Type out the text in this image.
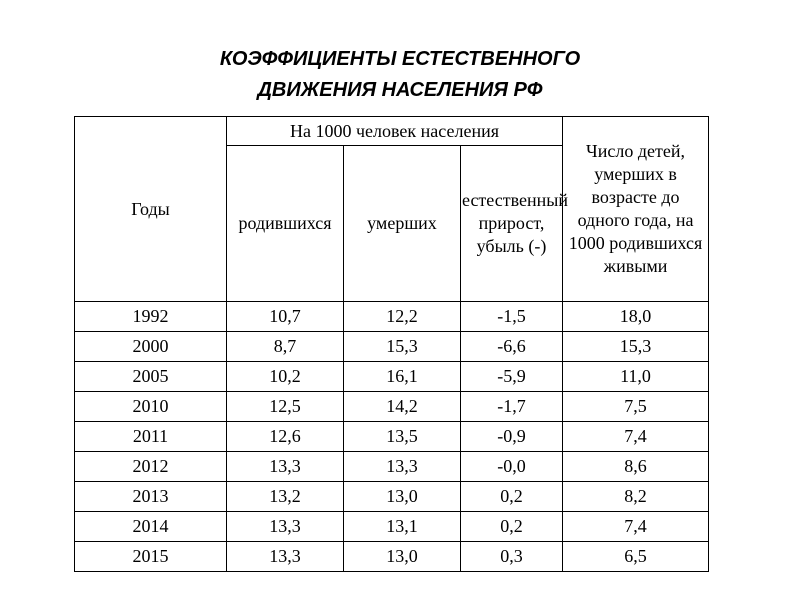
КОЭФФИЦИЕНТЫ ЕСТЕСТВЕННОГО
ДВИЖЕНИЯ НАСЕЛЕНИЯ РФ
Годы	На 1000 человек населения			Число детей, умерших в возрасте до одного года, на 1000 родившихся живыми
	родившихся	умерших	естественный прирост, убыль (-)	
1992	10,7	12,2	-1,5	18,0
2000	8,7	15,3	-6,6	15,3
2005	10,2	16,1	-5,9	11,0
2010	12,5	14,2	-1,7	7,5
2011	12,6	13,5	-0,9	7,4
2012	13,3	13,3	-0,0	8,6
2013	13,2	13,0	0,2	8,2
2014	13,3	13,1	0,2	7,4
2015	13,3	13,0	0,3	6,5
